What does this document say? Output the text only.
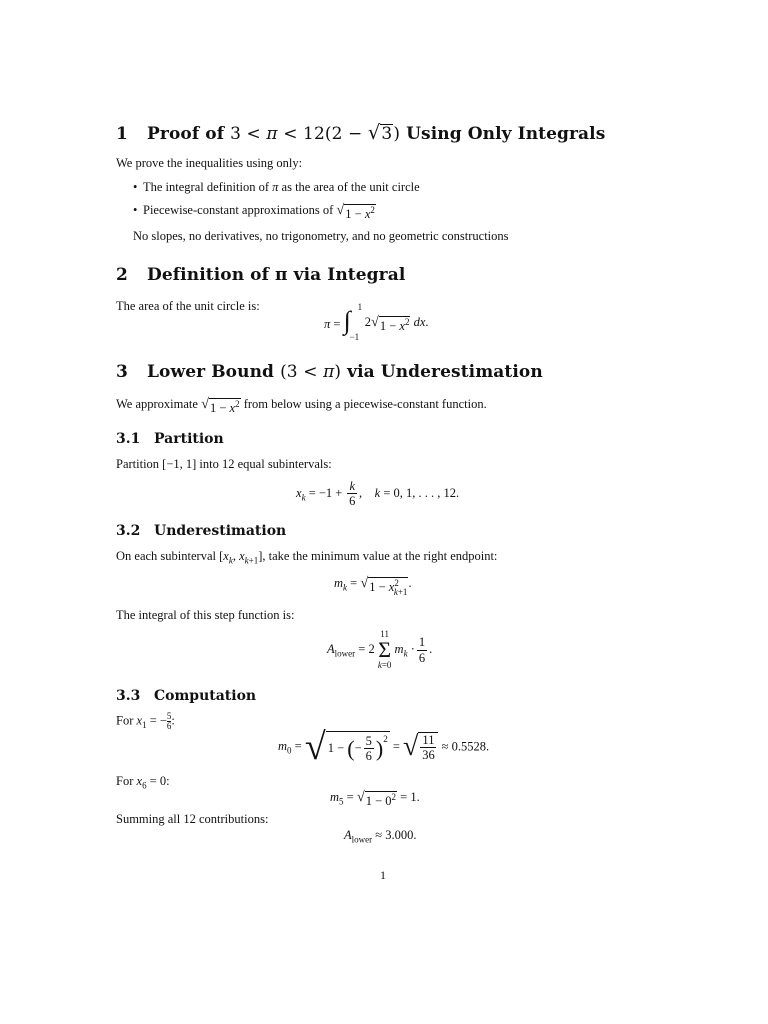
1 Proof of 3 < π < 12(2 − √ 3 ) Using Only Integrals
We prove the inequalities using only:
• The integral definition of π as the area of the unit circle
• Piecewise-constant approximations of √ $1 - x^2$
No slopes, no derivatives, no trigonometry, and no geometric constructions
2 Definition of π via Integral
The area of the unit circle is:
π = ∫ 1
−1
2 √ $1 - x^2$ dx.
3 Lower Bound (3 < π) via Underestimation
We approximate √ $1 - x^2$ from below using a piecewise-constant function.
3.1 Partition
Partition [−1, 1] into 12 equal subintervals:
$x_k = -1 + \frac{k}{6}$ ,    k = 0, 1, . . . , 12.
3.2 Underestimation
On each subinterval [$x_k$, $x_{k+1}$], take the minimum value at the right endpoint:
$m_k$ = √ $1 - x^2_{k+1}$
.
The integral of this step function is:
$A_{lower} = 2$
11
Σ
k=0
$m_k \cdot \frac{1}{6}$ .
3.3 Computation
For $x_1$ = − $\frac{5}{6}$ :
$m_0$ = √ 1 − (− $\frac{5}{6} )^2$ = √ $\frac{11}{36} \approx 0.5528$.
For $x_6 = 0$:
$m_5$ = √ $1 - 0^2 = 1$.
Summing all 12 contributions:
$A_{lower} \approx 3.000$.
1
